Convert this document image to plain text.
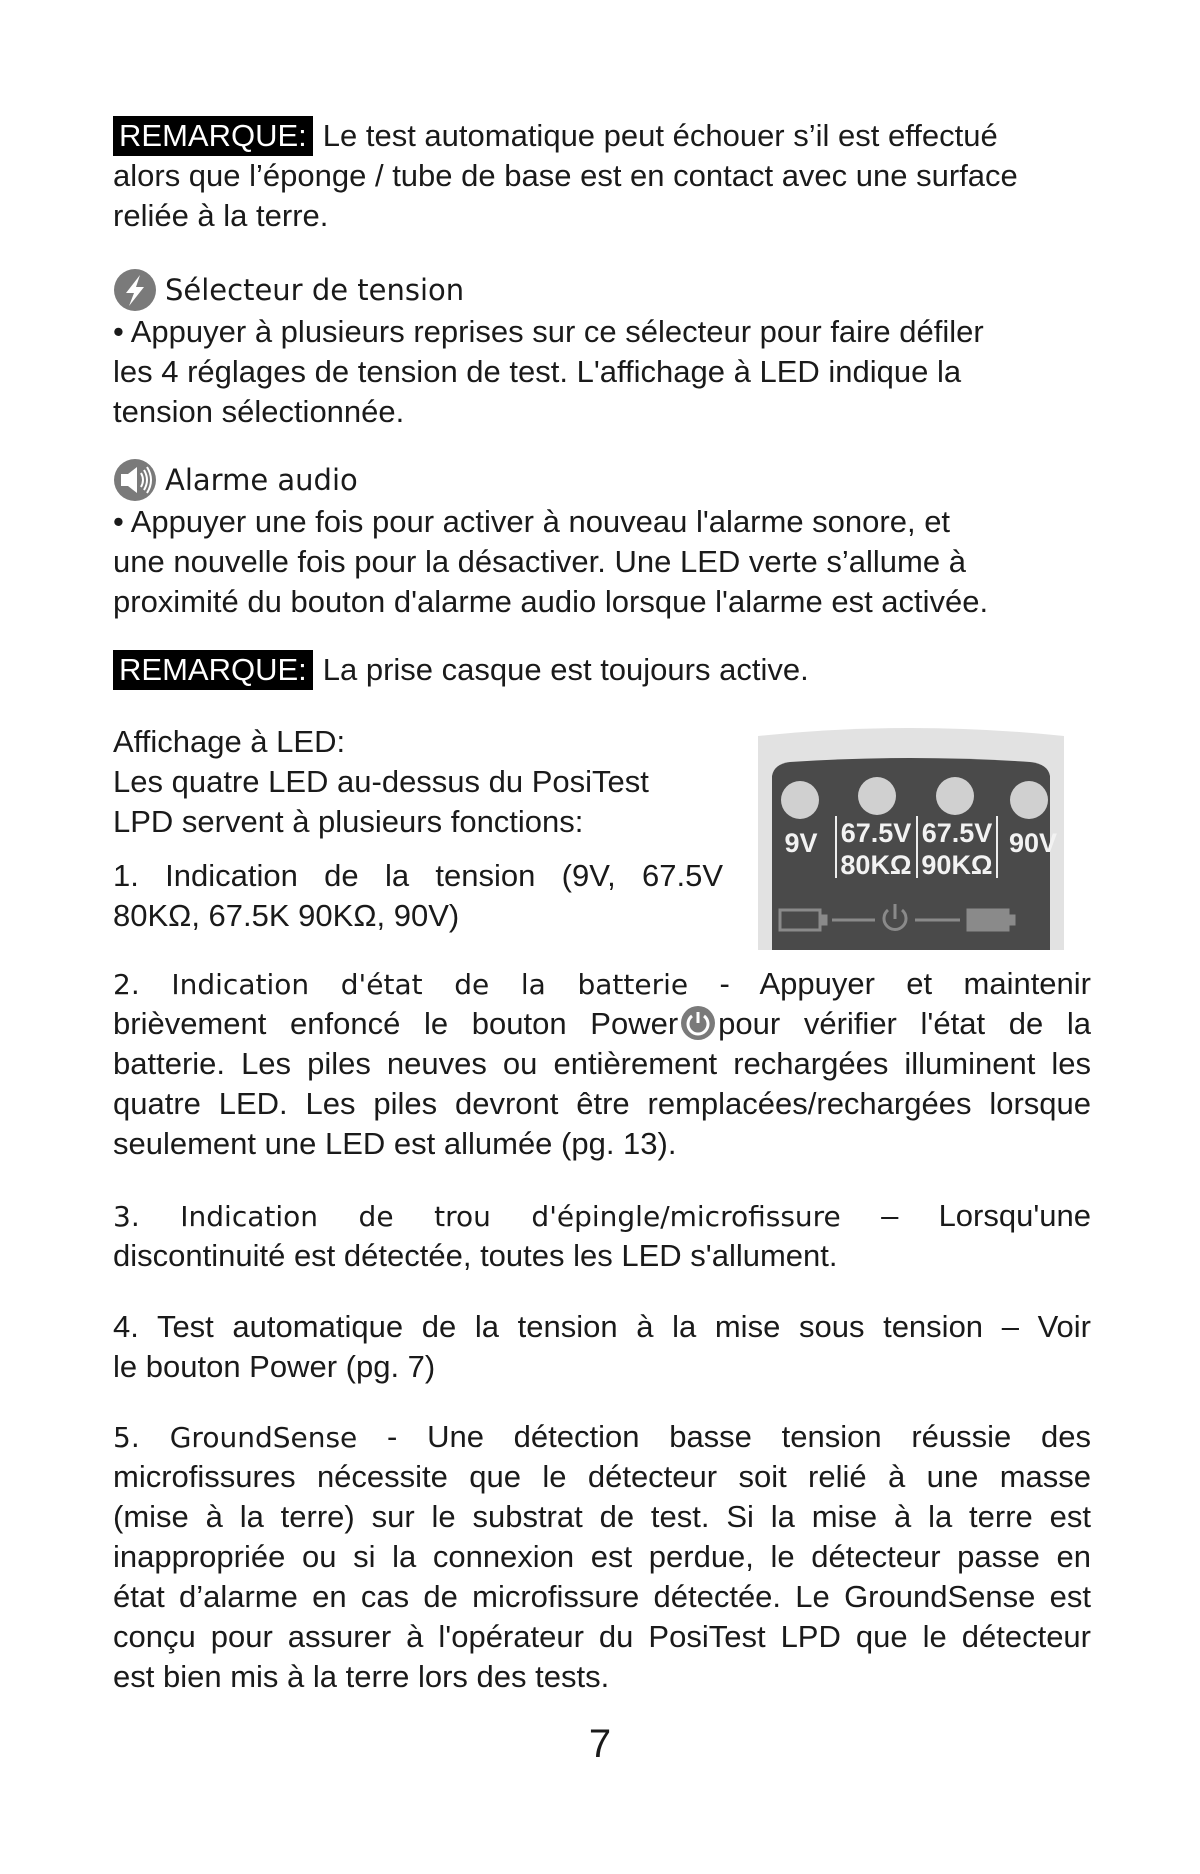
REMARQUE: Le test automatique peut échouer s’il est effectué
alors que l’éponge / tube de base est en contact avec une surface
reliée à la terre.
Sélecteur de tension
• Appuyer à plusieurs reprises sur ce sélecteur pour faire défiler
les 4 réglages de tension de test. L'affichage à LED indique la
tension sélectionnée.
Alarme audio
• Appuyer une fois pour activer à nouveau l'alarme sonore, et
une nouvelle fois pour la désactiver. Une LED verte s’allume à
proximité du bouton d'alarme audio lorsque l'alarme est activée.
REMARQUE: La prise casque est toujours active.
Affichage à LED:
Les quatre LED au-dessus du PosiTest
LPD servent à plusieurs fonctions:
1. Indication de la tension (9V, 67.5V
80KΩ, 67.5K 90KΩ, 90V)
9V 67.5V
80KΩ
67.5V
90KΩ
90V
2. Indication d'état de la batterie - Appuyer et maintenir
brièvement enfoncé le bouton Power pour vérifier l'état de la
batterie. Les piles neuves ou entièrement rechargées illuminent les
quatre LED. Les piles devront être remplacées/rechargées lorsque
seulement une LED est allumée (pg. 13).
3. Indication de trou d'épingle/microfissure – Lorsqu'une
discontinuité est détectée, toutes les LED s'allument.
4. Test automatique de la tension à la mise sous tension – Voir
le bouton Power (pg. 7)
5. GroundSense - Une détection basse tension réussie des
microfissures nécessite que le détecteur soit relié à une masse
(mise à la terre) sur le substrat de test. Si la mise à la terre est
inappropriée ou si la connexion est perdue, le détecteur passe en
état d’alarme en cas de microfissure détectée. Le GroundSense est
conçu pour assurer à l'opérateur du PosiTest LPD que le détecteur
est bien mis à la terre lors des tests.
7
